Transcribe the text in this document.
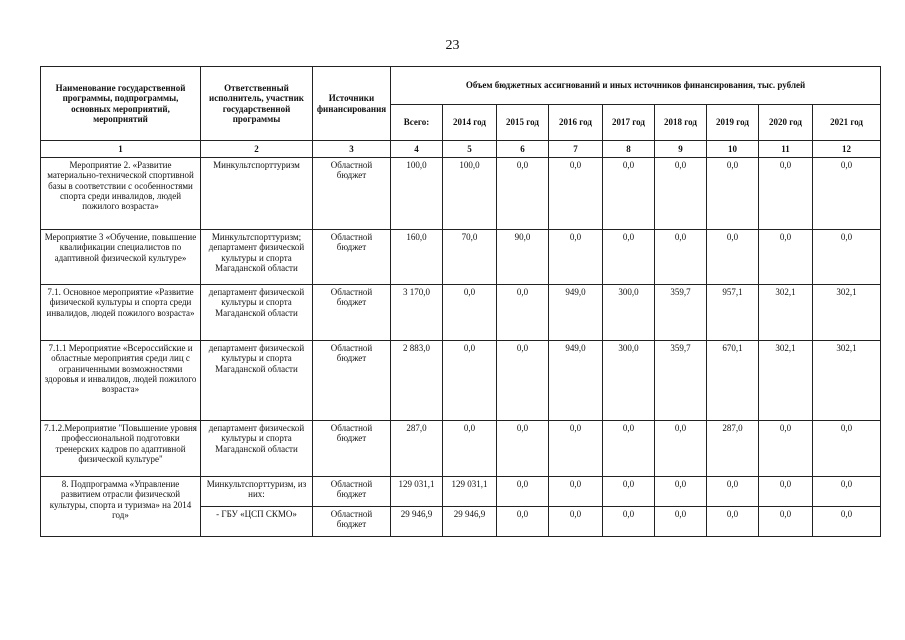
23
Наименование государственной программы, подпрограммы, основных мероприятий, мероприятий	Ответственный исполнитель, участник государственной программы	Источники финансирования	Объем бюджетных ассигнований и иных источников финансирования, тыс. рублей								
			Всего:	2014 год	2015 год	2016 год	2017 год	2018 год	2019 год	2020 год	2021 год
1	2	3	4	5	6	7	8	9	10	11	12
Мероприятие 2. «Развитие материально-технической спортивной базы в соответствии с особенностями спорта среди инвалидов, людей пожилого возраста»	Минкультспорттуризм	Областной бюджет	100,0	100,0	0,0	0,0	0,0	0,0	0,0	0,0	0,0
Мероприятие 3 «Обучение, повышение квалификации специалистов по адаптивной физической культуре»	Минкультспорттуризм; департамент физической культуры и спорта Магаданской области	Областной бюджет	160,0	70,0	90,0	0,0	0,0	0,0	0,0	0,0	0,0
7.1. Основное мероприятие «Развитие физической культуры и спорта среди инвалидов, людей пожилого возраста»	департамент физической культуры и спорта Магаданской области	Областной бюджет	3 170,0	0,0	0,0	949,0	300,0	359,7	957,1	302,1	302,1
7.1.1 Мероприятие «Всероссийские и областные мероприятия среди лиц с ограниченными возможностями здоровья и инвалидов, людей пожилого возраста»	департамент физической культуры и спорта Магаданской области	Областной бюджет	2 883,0	0,0	0,0	949,0	300,0	359,7	670,1	302,1	302,1
7.1.2.Мероприятие "Повышение уровня профессиональной подготовки тренерских кадров по адаптивной физической культуре"	департамент физической культуры и спорта Магаданской области	Областной бюджет	287,0	0,0	0,0	0,0	0,0	0,0	287,0	0,0	0,0
8. Подпрограмма «Управление развитием отрасли физической культуры, спорта и туризма» на 2014 год»	Минкультспорттуризм, из них:	Областной бюджет	129 031,1	129 031,1	0,0	0,0	0,0	0,0	0,0	0,0	0,0
	- ГБУ «ЦСП СКМО»	Областной бюджет	29 946,9	29 946,9	0,0	0,0	0,0	0,0	0,0	0,0	0,0
